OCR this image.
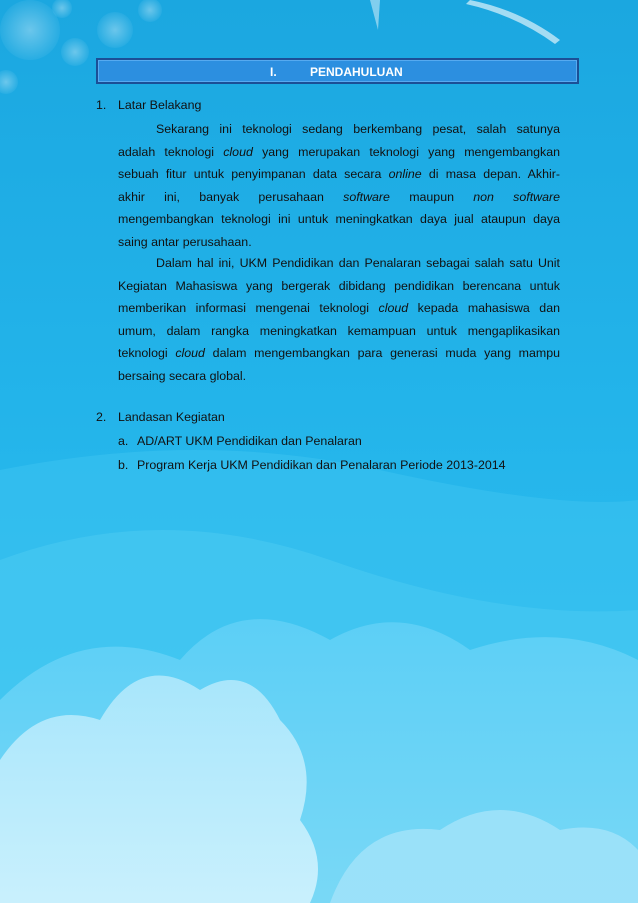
I.	PENDAHULUAN
1. Latar Belakang
Sekarang ini teknologi sedang berkembang pesat, salah satunya
adalah teknologi cloud yang merupakan teknologi yang mengembangkan
sebuah fitur untuk penyimpanan data secara online di masa depan. Akhir-
akhir ini, banyak perusahaan software maupun non software
mengembangkan teknologi ini untuk meningkatkan daya jual ataupun daya
saing antar perusahaan.
Dalam hal ini, UKM Pendidikan dan Penalaran sebagai salah satu Unit
Kegiatan Mahasiswa yang bergerak dibidang pendidikan berencana untuk
memberikan informasi mengenai teknologi cloud kepada mahasiswa dan
umum, dalam rangka meningkatkan kemampuan untuk mengaplikasikan
teknologi cloud dalam mengembangkan para generasi muda yang mampu
bersaing secara global.
2. Landasan Kegiatan
a. AD/ART UKM Pendidikan dan Penalaran
b. Program Kerja UKM Pendidikan dan Penalaran Periode 2013-2014
